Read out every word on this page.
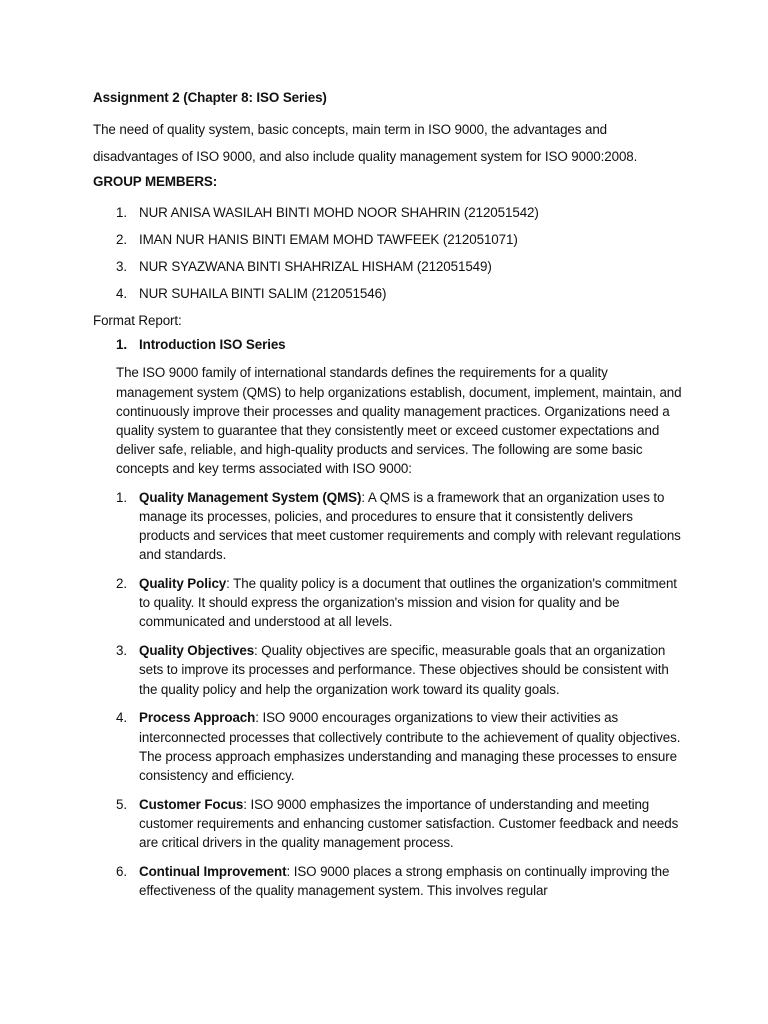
Assignment 2 (Chapter 8: ISO Series)

The need of quality system, basic concepts, main term in ISO 9000, the advantages and

disadvantages of ISO 9000, and also include quality management system for ISO 9000:2008.

GROUP MEMBERS:

1. NUR ANISA WASILAH BINTI MOHD NOOR SHAHRIN (212051542)
2. IMAN NUR HANIS BINTI EMAM MOHD TAWFEEK (212051071)
3. NUR SYAZWANA BINTI SHAHRIZAL HISHAM (212051549)
4. NUR SUHAILA BINTI SALIM (212051546)

Format Report:

1. Introduction ISO Series

The ISO 9000 family of international standards defines the requirements for a quality management system (QMS) to help organizations establish, document, implement, maintain, and continuously improve their processes and quality management practices. Organizations need a quality system to guarantee that they consistently meet or exceed customer expectations and deliver safe, reliable, and high-quality products and services. The following are some basic concepts and key terms associated with ISO 9000:

1. Quality Management System (QMS): A QMS is a framework that an organization uses to manage its processes, policies, and procedures to ensure that it consistently delivers products and services that meet customer requirements and comply with relevant regulations and standards.
2. Quality Policy: The quality policy is a document that outlines the organization's commitment to quality. It should express the organization's mission and vision for quality and be communicated and understood at all levels.
3. Quality Objectives: Quality objectives are specific, measurable goals that an organization sets to improve its processes and performance. These objectives should be consistent with the quality policy and help the organization work toward its quality goals.
4. Process Approach: ISO 9000 encourages organizations to view their activities as interconnected processes that collectively contribute to the achievement of quality objectives. The process approach emphasizes understanding and managing these processes to ensure consistency and efficiency.
5. Customer Focus: ISO 9000 emphasizes the importance of understanding and meeting customer requirements and enhancing customer satisfaction. Customer feedback and needs are critical drivers in the quality management process.
6. Continual Improvement: ISO 9000 places a strong emphasis on continually improving the effectiveness of the quality management system. This involves regular
